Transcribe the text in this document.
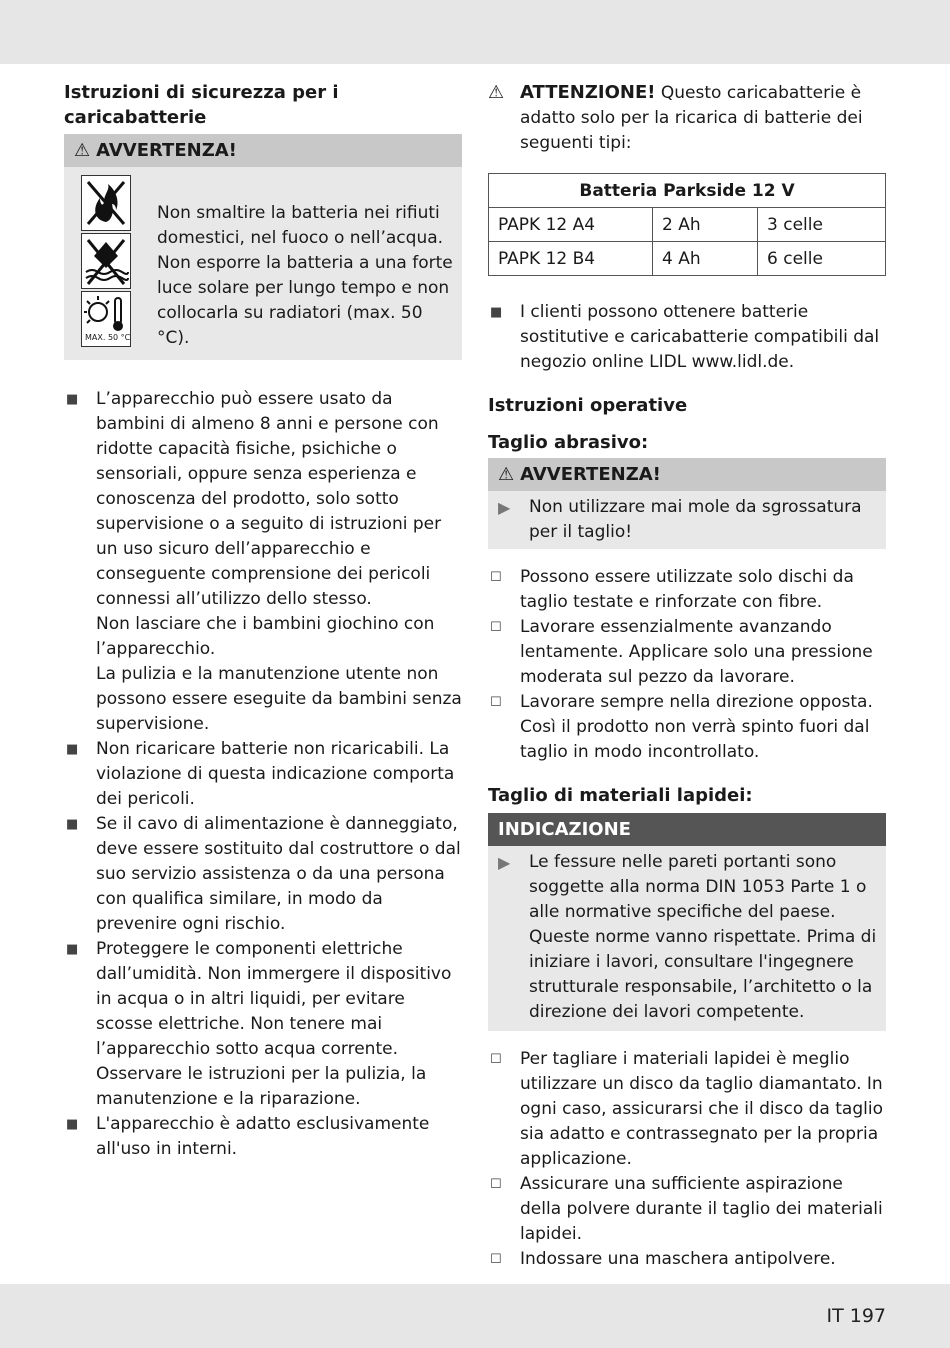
Istruzioni di sicurezza per i caricabatterie

⚠ AVVERTENZA!
MAX. 50 °C

Non smaltire la batteria nei rifiuti domestici, nel fuoco o nell’acqua. Non esporre la batteria a una forte luce solare per lungo tempo e non collocarla su radiatori (max. 50 °C).

■ L’apparecchio può essere usato da bambini di almeno 8 anni e persone con ridotte capacità fisiche, psichiche o sensoriali, oppure senza esperienza e conoscenza del prodotto, solo sotto supervisione o a seguito di istruzioni per un uso sicuro dell’apparecchio e conseguente comprensione dei pericoli connessi all’utilizzo dello stesso.
Non lasciare che i bambini giochino con l’apparecchio.
La pulizia e la manutenzione utente non possono essere eseguite da bambini senza supervisione.
■ Non ricaricare batterie non ricaricabili. La violazione di questa indicazione comporta dei pericoli.
■ Se il cavo di alimentazione è danneggiato, deve essere sostituito dal costruttore o dal suo servizio assistenza o da una persona con qualifica similare, in modo da prevenire ogni rischio.
■ Proteggere le componenti elettriche dall’umidità. Non immergere il dispositivo in acqua o in altri liquidi, per evitare scosse elettriche. Non tenere mai l’apparecchio sotto acqua corrente. Osservare le istruzioni per la pulizia, la manutenzione e la riparazione.
■ L'apparecchio è adatto esclusivamente all'uso in interni.

⚠ ATTENZIONE! Questo caricabatterie è adatto solo per la ricarica di batterie dei seguenti tipi:

Batteria Parkside 12 V		
PAPK 12 A4	2 Ah	3 celle
PAPK 12 B4	4 Ah	6 celle
■ I clienti possono ottenere batterie sostitutive e caricabatterie compatibili dal negozio online LIDL www.lidl.de.

Istruzioni operative

Taglio abrasivo:

⚠ AVVERTENZA!
▶ Non utilizzare mai mole da sgrossatura per il taglio!
☐ Possono essere utilizzate solo dischi da taglio testate e rinforzate con fibre.
☐ Lavorare essenzialmente avanzando lentamente. Applicare solo una pressione moderata sul pezzo da lavorare.
☐ Lavorare sempre nella direzione opposta. Così il prodotto non verrà spinto fuori dal taglio in modo incontrollato.

Taglio di materiali lapidei:

INDICAZIONE
▶ Le fessure nelle pareti portanti sono soggette alla norma DIN 1053 Parte 1 o alle normative specifiche del paese. Queste norme vanno rispettate. Prima di iniziare i lavori, consultare l'ingegnere strutturale responsabile, l’architetto o la direzione dei lavori competente.
☐ Per tagliare i materiali lapidei è meglio utilizzare un disco da taglio diamantato. In ogni caso, assicurarsi che il disco da taglio sia adatto e contrassegnato per la propria applicazione.
☐ Assicurare una sufficiente aspirazione della polvere durante il taglio dei materiali lapidei.
☐ Indossare una maschera antipolvere.
IT 197
